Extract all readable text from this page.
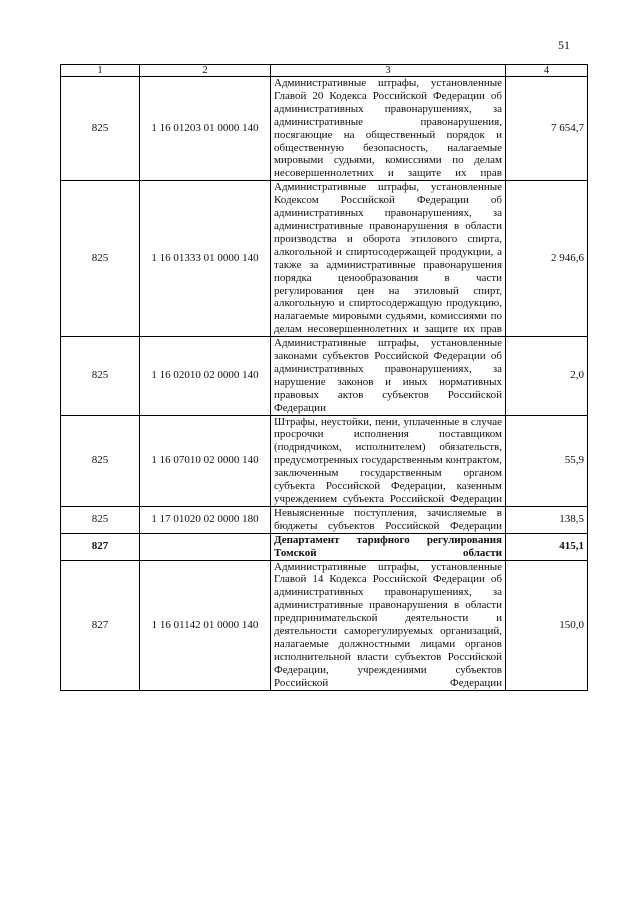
51
1	2	3	4
825	1 16 01203 01 0000 140	Административные штрафы, установленные Главой 20 Кодекса Российской Федерации об административных правонарушениях, за административные правонарушения, посягающие на общественный порядок и общественную безопасность, налагаемые мировыми судьями, комиссиями по делам несовершеннолетних и защите их прав	7 654,7
825	1 16 01333 01 0000 140	Административные штрафы, установленные Кодексом Российской Федерации об административных правонарушениях, за административные правонарушения в области производства и оборота этилового спирта, алкогольной и спиртосодержащей продукции, а также за административные правонарушения порядка ценообразования в части регулирования цен на этиловый спирт, алкогольную и спиртосодержащую продукцию, налагаемые мировыми судьями, комиссиями по делам несовершеннолетних и защите их прав	2 946,6
825	1 16 02010 02 0000 140	Административные штрафы, установленные законами субъектов Российской Федерации об административных правонарушениях, за нарушение законов и иных нормативных правовых актов субъектов Российской Федерации	2,0
825	1 16 07010 02 0000 140	Штрафы, неустойки, пени, уплаченные в случае просрочки исполнения поставщиком (подрядчиком, исполнителем) обязательств, предусмотренных государственным контрактом, заключенным государственным органом субъекта Российской Федерации, казенным учреждением субъекта Российской Федерации	55,9
825	1 17 01020 02 0000 180	Невыясненные поступления, зачисляемые в бюджеты субъектов Российской Федерации	138,5
827		Департамент тарифного регулирования Томской области	415,1
827	1 16 01142 01 0000 140	Административные штрафы, установленные Главой 14 Кодекса Российской Федерации об административных правонарушениях, за административные правонарушения в области предпринимательской деятельности и деятельности саморегулируемых организаций, налагаемые должностными лицами органов исполнительной власти субъектов Российской Федерации, учреждениями субъектов Российской Федерации	150,0
